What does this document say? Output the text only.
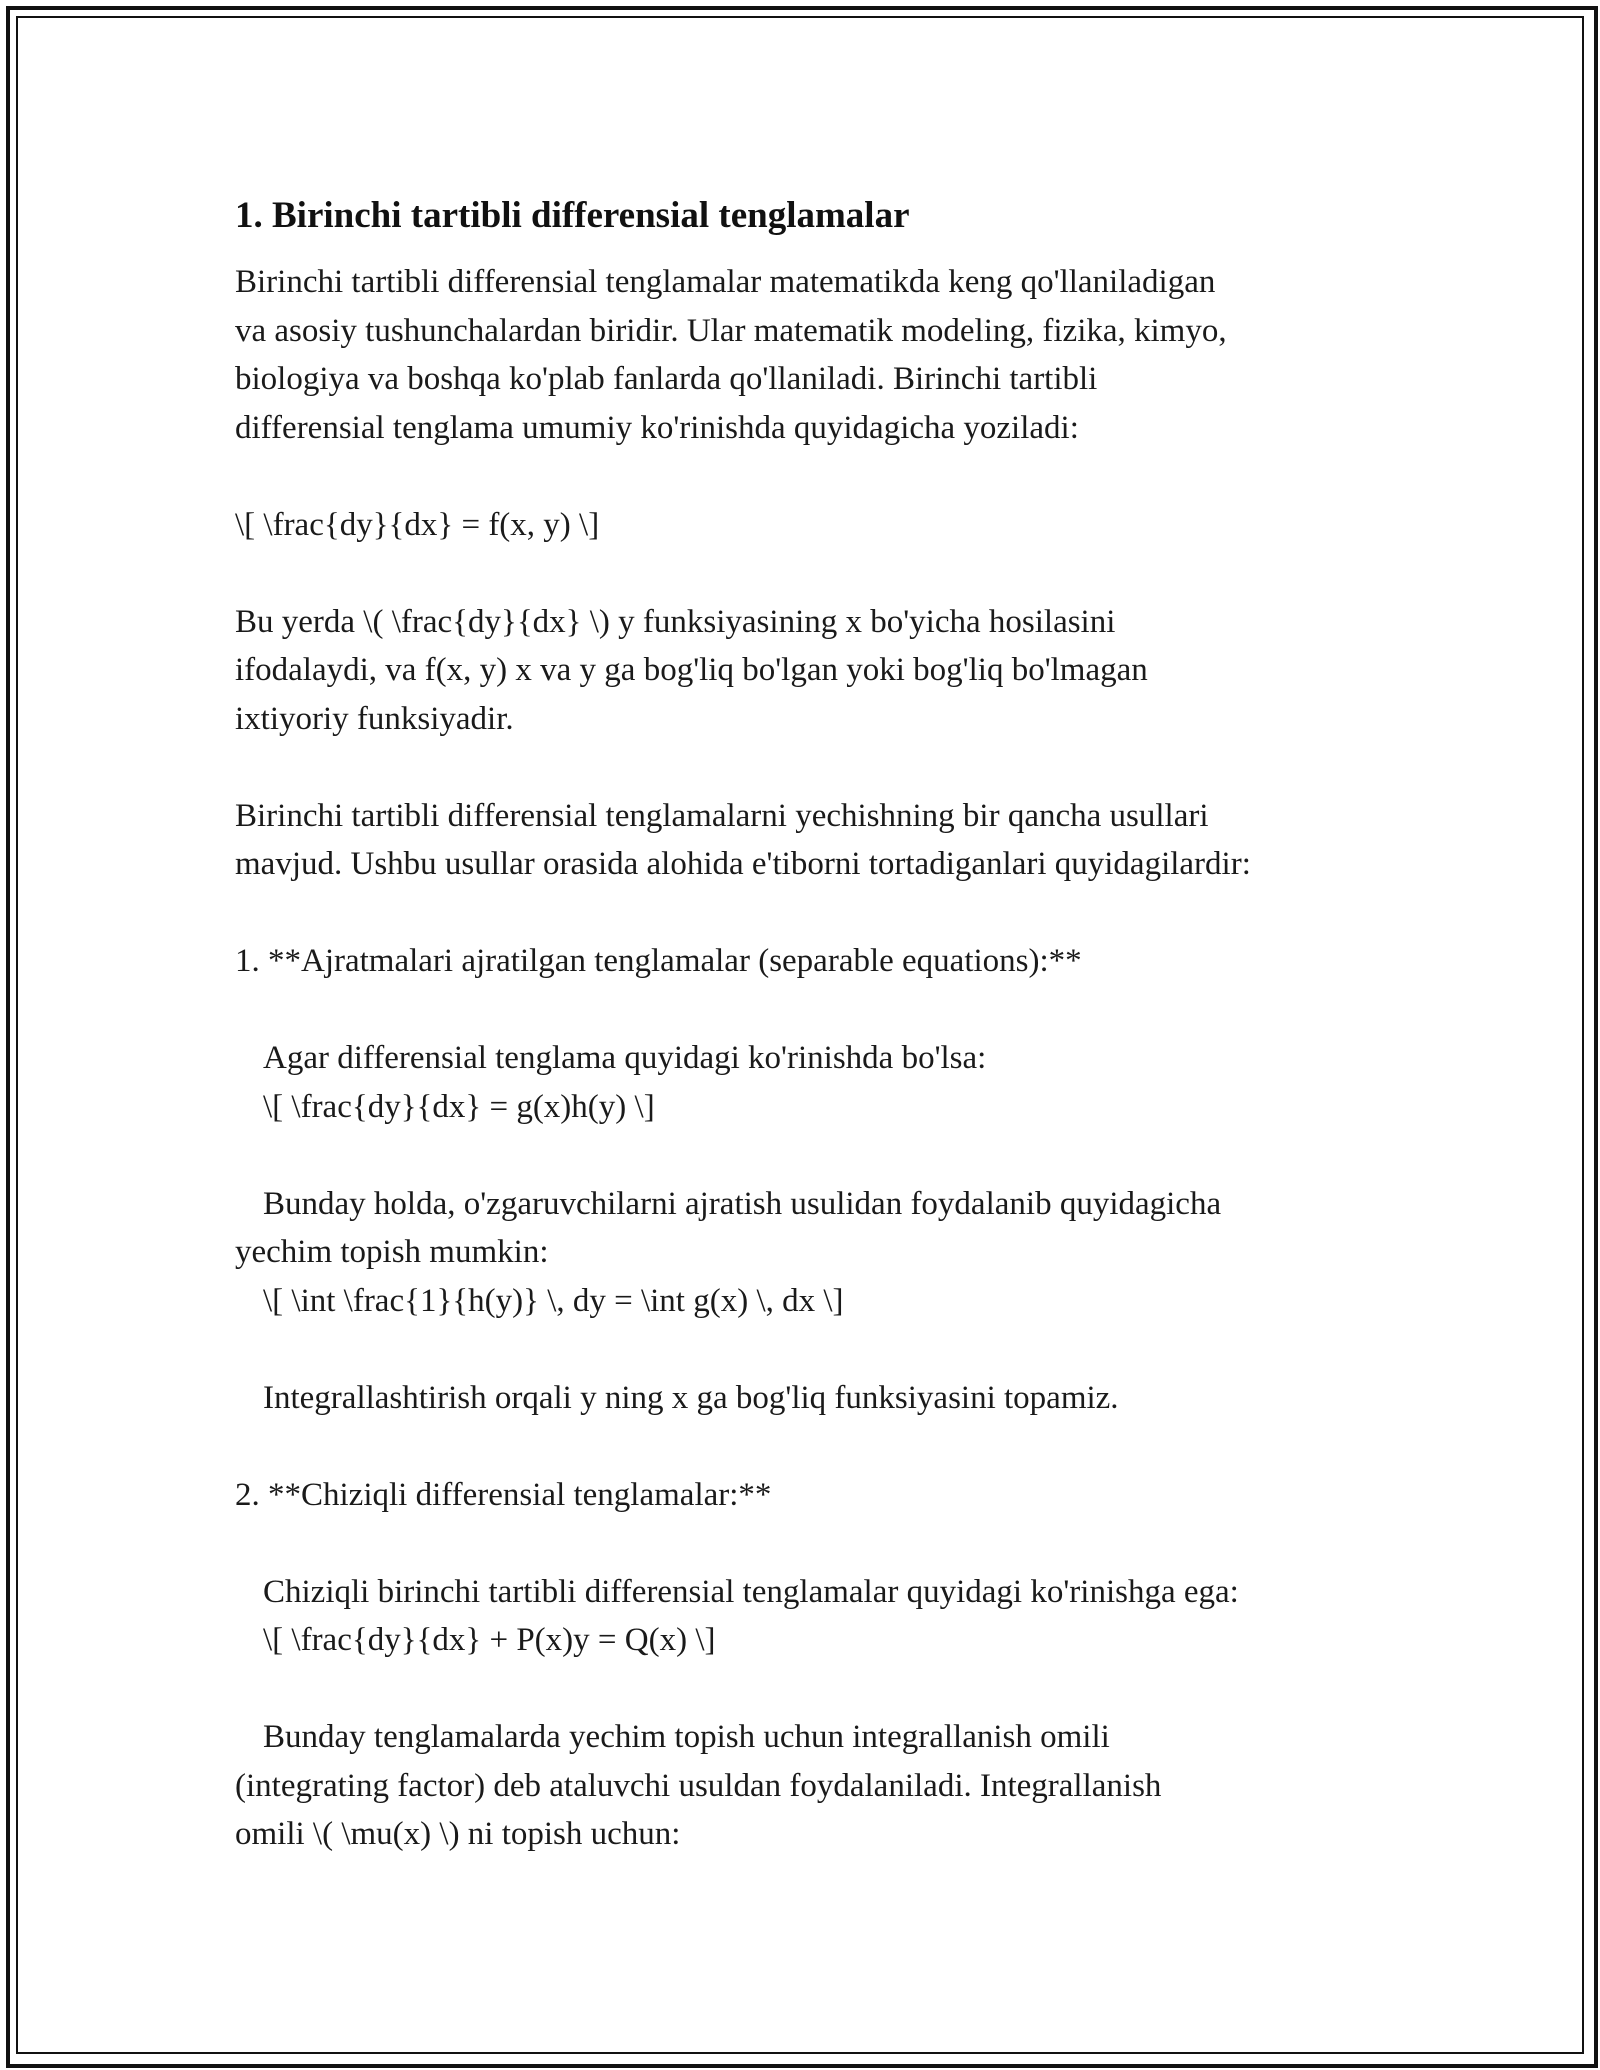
1. Birinchi tartibli differensial tenglamalar

Birinchi tartibli differensial tenglamalar matematikda keng qo'llaniladigan
va asosiy tushunchalardan biridir. Ular matematik modeling, fizika, kimyo,
biologiya va boshqa ko'plab fanlarda qo'llaniladi. Birinchi tartibli
differensial tenglama umumiy ko'rinishda quyidagicha yoziladi:

\[ \frac{dy}{dx} = f(x, y) \]

Bu yerda \( \frac{dy}{dx} \) y funksiyasining x bo'yicha hosilasini
ifodalaydi, va f(x, y) x va y ga bog'liq bo'lgan yoki bog'liq bo'lmagan
ixtiyoriy funksiyadir.

Birinchi tartibli differensial tenglamalarni yechishning bir qancha usullari
mavjud. Ushbu usullar orasida alohida e'tiborni tortadiganlari quyidagilardir:

1. **Ajratmalari ajratilgan tenglamalar (separable equations):**

Agar differensial tenglama quyidagi ko'rinishda bo'lsa:
\[ \frac{dy}{dx} = g(x)h(y) \]

Bunday holda, o'zgaruvchilarni ajratish usulidan foydalanib quyidagicha
yechim topish mumkin:

\[ \int \frac{1}{h(y)} \, dy = \int g(x) \, dx \]

Integrallashtirish orqali y ning x ga bog'liq funksiyasini topamiz.

2. **Chiziqli differensial tenglamalar:**

Chiziqli birinchi tartibli differensial tenglamalar quyidagi ko'rinishga ega:
\[ \frac{dy}{dx} + P(x)y = Q(x) \]

Bunday tenglamalarda yechim topish uchun integrallanish omili
(integrating factor) deb ataluvchi usuldan foydalaniladi. Integrallanish
omili \( \mu(x) \) ni topish uchun:
